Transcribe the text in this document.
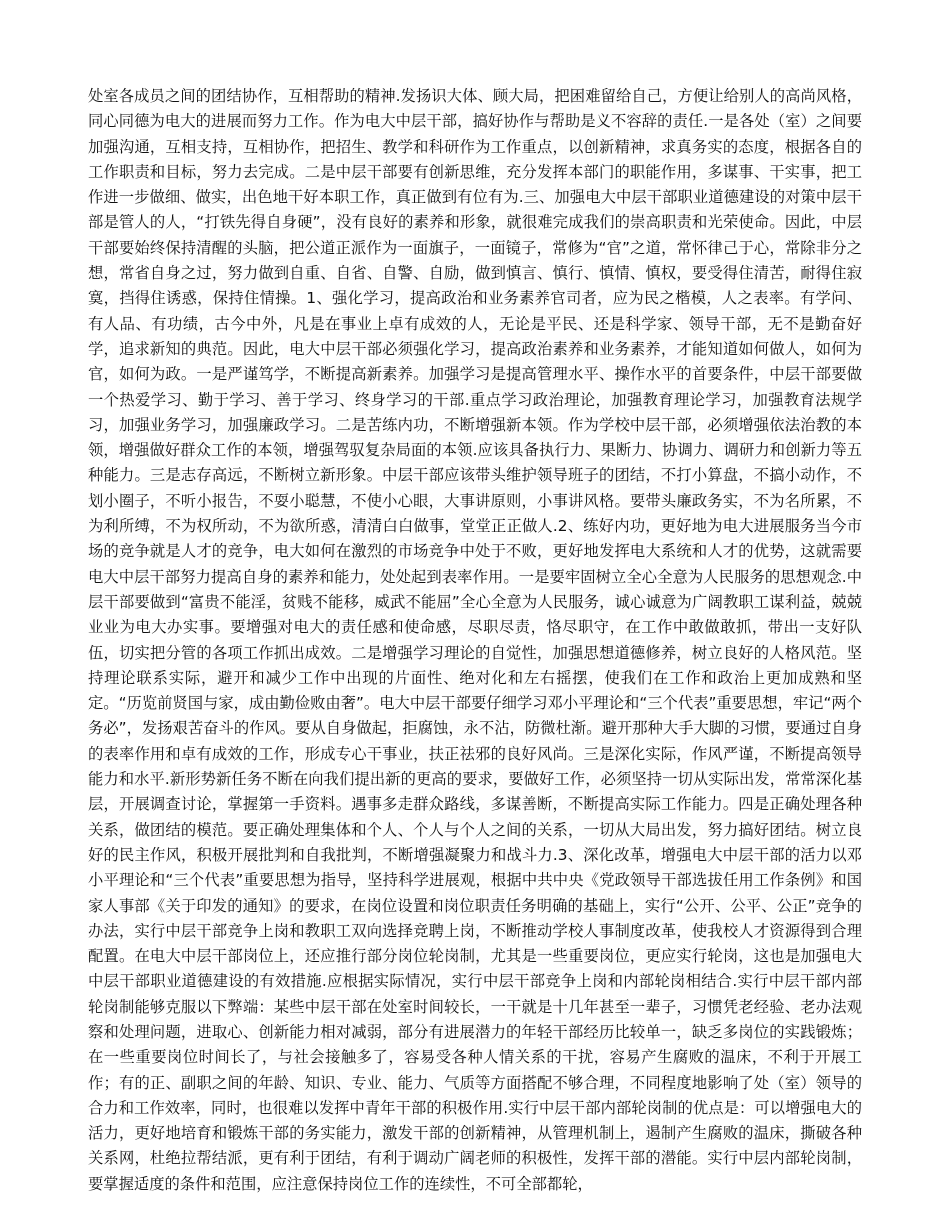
处室各成员之间的团结协作，互相帮助的精神.发扬识大体、顾大局，把困难留给自己，方便让给别人的高尚风格，同心同德为电大的进展而努力工作。作为电大中层干部，搞好协作与帮助是义不容辞的责任.一是各处（室）之间要加强沟通，互相支持，互相协作，把招生、教学和科研作为工作重点，以创新精神，求真务实的态度，根据各自的工作职责和目标，努力去完成。二是中层干部要有创新思维，充分发挥本部门的职能作用，多谋事、干实事，把工作进一步做细、做实，出色地干好本职工作，真正做到有位有为.三、加强电大中层干部职业道德建设的对策中层干部是管人的人，“打铁先得自身硬”，没有良好的素养和形象，就很难完成我们的崇高职责和光荣使命。因此，中层干部要始终保持清醒的头脑，把公道正派作为一面旗子，一面镜子，常修为“官”之道，常怀律己于心，常除非分之想，常省自身之过，努力做到自重、自省、自警、自励，做到慎言、慎行、慎情、慎权，要受得住清苦，耐得住寂寞，挡得住诱惑，保持住情操。1、强化学习，提高政治和业务素养官司者，应为民之楷模，人之表率。有学问、有人品、有功绩，古今中外，凡是在事业上卓有成效的人，无论是平民、还是科学家、领导干部，无不是勤奋好学，追求新知的典范。因此，电大中层干部必须强化学习，提高政治素养和业务素养，才能知道如何做人，如何为官，如何为政。一是严谨笃学，不断提高新素养。加强学习是提高管理水平、操作水平的首要条件，中层干部要做一个热爱学习、勤于学习、善于学习、终身学习的干部.重点学习政治理论，加强教育理论学习，加强教育法规学习，加强业务学习，加强廉政学习。二是苦练内功，不断增强新本领。作为学校中层干部，必须增强依法治教的本领，增强做好群众工作的本领，增强驾驭复杂局面的本领.应该具备执行力、果断力、协调力、调研力和创新力等五种能力。三是志存高远，不断树立新形象。中层干部应该带头维护领导班子的团结，不打小算盘，不搞小动作，不划小圈子，不听小报告，不耍小聪慧，不使小心眼，大事讲原则，小事讲风格。要带头廉政务实，不为名所累，不为利所缚，不为权所动，不为欲所惑，清清白白做事，堂堂正正做人.2、练好内功，更好地为电大进展服务当今市场的竞争就是人才的竞争，电大如何在激烈的市场竞争中处于不败，更好地发挥电大系统和人才的优势，这就需要电大中层干部努力提高自身的素养和能力，处处起到表率作用。一是要牢固树立全心全意为人民服务的思想观念.中层干部要做到“富贵不能淫，贫贱不能移，威武不能屈”全心全意为人民服务，诚心诚意为广阔教职工谋利益，兢兢业业为电大办实事。要增强对电大的责任感和使命感，尽职尽责，恪尽职守，在工作中敢做敢抓，带出一支好队伍，切实把分管的各项工作抓出成效。二是增强学习理论的自觉性，加强思想道德修养，树立良好的人格风范。坚持理论联系实际，避开和减少工作中出现的片面性、绝对化和左右摇摆，使我们在工作和政治上更加成熟和坚定。“历览前贤国与家，成由勤俭败由奢”。电大中层干部要仔细学习邓小平理论和“三个代表”重要思想，牢记“两个务必”，发扬艰苦奋斗的作风。要从自身做起，拒腐蚀，永不沾，防微杜渐。避开那种大手大脚的习惯，要通过自身的表率作用和卓有成效的工作，形成专心干事业，扶正祛邪的良好风尚。三是深化实际，作风严谨，不断提高领导能力和水平.新形势新任务不断在向我们提出新的更高的要求，要做好工作，必须坚持一切从实际出发，常常深化基层，开展调查讨论，掌握第一手资料。遇事多走群众路线，多谋善断，不断提高实际工作能力。四是正确处理各种关系，做团结的模范。要正确处理集体和个人、个人与个人之间的关系，一切从大局出发，努力搞好团结。树立良好的民主作风，积极开展批判和自我批判，不断增强凝聚力和战斗力.3、深化改革，增强电大中层干部的活力以邓小平理论和“三个代表”重要思想为指导，坚持科学进展观，根据中共中央《党政领导干部选拔任用工作条例》和国家人事部《关于印发的通知》的要求，在岗位设置和岗位职责任务明确的基础上，实行“公开、公平、公正”竞争的办法，实行中层干部竞争上岗和教职工双向选择竞聘上岗，不断推动学校人事制度改革，使我校人才资源得到合理配置。在电大中层干部岗位上，还应推行部分岗位轮岗制，尤其是一些重要岗位，更应实行轮岗，这也是加强电大中层干部职业道德建设的有效措施.应根据实际情况，实行中层干部竞争上岗和内部轮岗相结合.实行中层干部内部轮岗制能够克服以下弊端：某些中层干部在处室时间较长，一干就是十几年甚至一辈子，习惯凭老经验、老办法观察和处理问题，进取心、创新能力相对减弱，部分有进展潜力的年轻干部经历比较单一，缺乏多岗位的实践锻炼；在一些重要岗位时间长了，与社会接触多了，容易受各种人情关系的干扰，容易产生腐败的温床，不利于开展工作；有的正、副职之间的年龄、知识、专业、能力、气质等方面搭配不够合理，不同程度地影响了处（室）领导的合力和工作效率，同时，也很难以发挥中青年干部的积极作用.实行中层干部内部轮岗制的优点是：可以增强电大的活力，更好地培育和锻炼干部的务实能力，激发干部的创新精神，从管理机制上，遏制产生腐败的温床，撕破各种关系网，杜绝拉帮结派，更有利于团结，有利于调动广阔老师的积极性，发挥干部的潜能。实行中层内部轮岗制，要掌握适度的条件和范围，应注意保持岗位工作的连续性，不可全部都轮，
